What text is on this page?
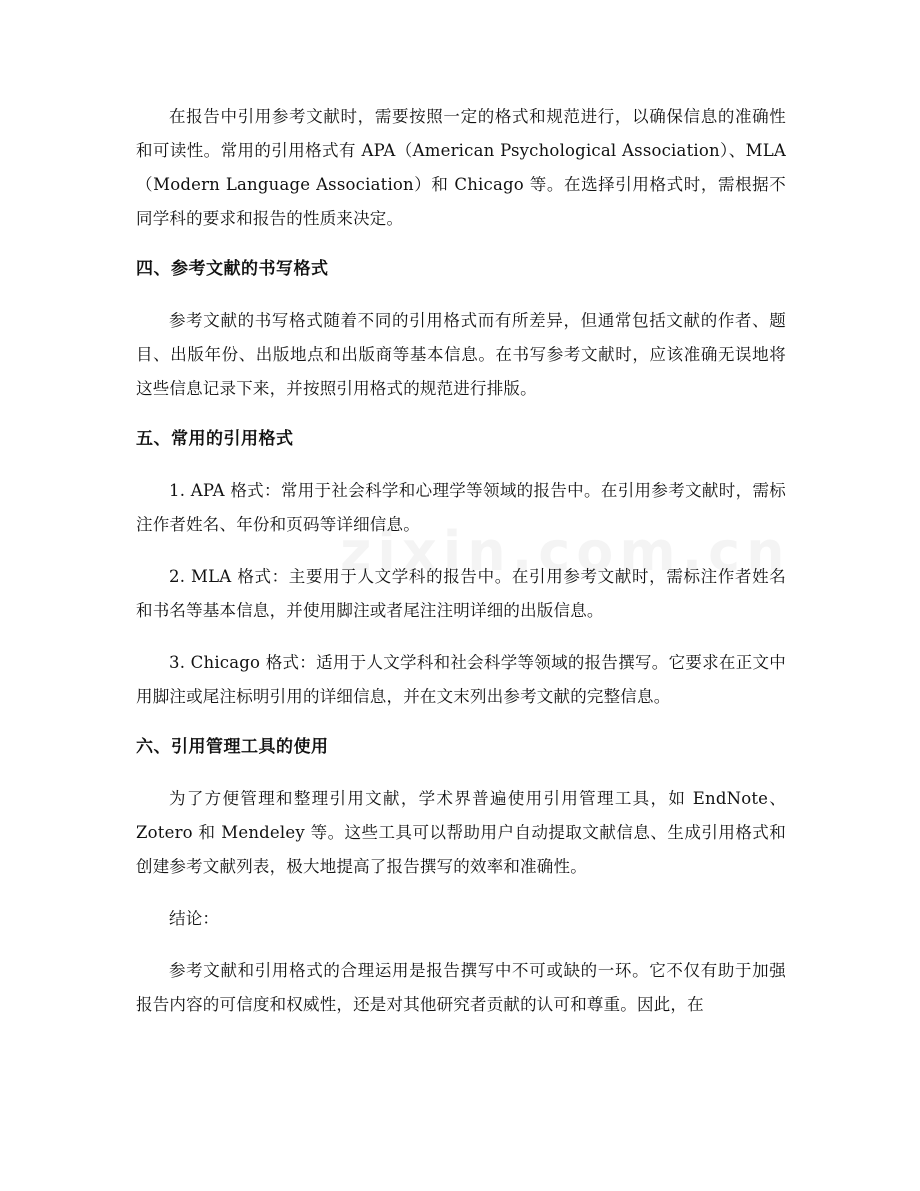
在报告中引用参考文献时，需要按照一定的格式和规范进行，以确保信息的准确性和可读性。常用的引用格式有 APA（American Psychological Association）、MLA（Modern Language Association）和 Chicago 等。在选择引用格式时，需根据不同学科的要求和报告的性质来决定。

四、参考文献的书写格式

参考文献的书写格式随着不同的引用格式而有所差异，但通常包括文献的作者、题目、出版年份、出版地点和出版商等基本信息。在书写参考文献时，应该准确无误地将这些信息记录下来，并按照引用格式的规范进行排版。

五、常用的引用格式

1. APA 格式：常用于社会科学和心理学等领域的报告中。在引用参考文献时，需标注作者姓名、年份和页码等详细信息。

2. MLA 格式：主要用于人文学科的报告中。在引用参考文献时，需标注作者姓名和书名等基本信息，并使用脚注或者尾注注明详细的出版信息。

3. Chicago 格式：适用于人文学科和社会科学等领域的报告撰写。它要求在正文中用脚注或尾注标明引用的详细信息，并在文末列出参考文献的完整信息。

六、引用管理工具的使用

为了方便管理和整理引用文献，学术界普遍使用引用管理工具，如 EndNote、Zotero 和 Mendeley 等。这些工具可以帮助用户自动提取文献信息、生成引用格式和创建参考文献列表，极大地提高了报告撰写的效率和准确性。

结论：

参考文献和引用格式的合理运用是报告撰写中不可或缺的一环。它不仅有助于加强报告内容的可信度和权威性，还是对其他研究者贡献的认可和尊重。因此，在
